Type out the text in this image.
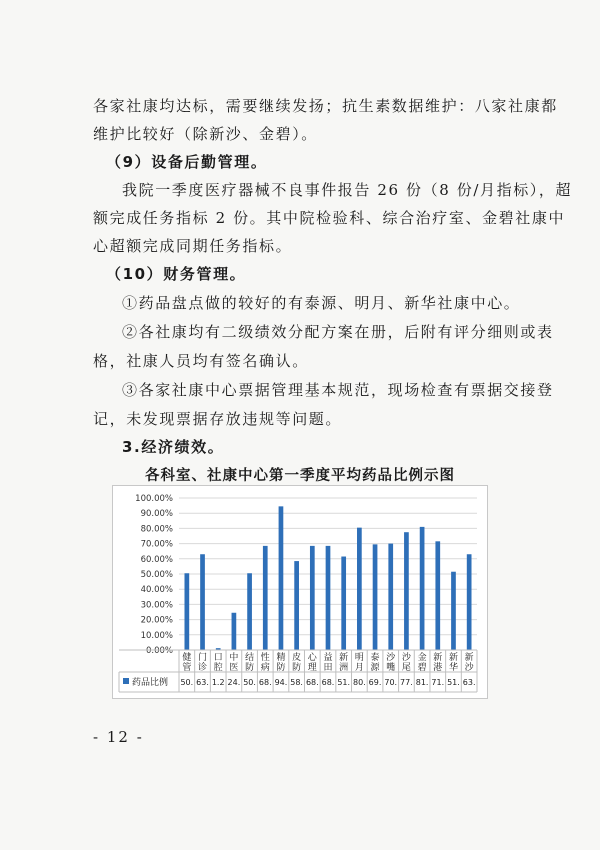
各家社康均达标，需要继续发扬；抗生素数据维护：八家社康都
维护比较好（除新沙、金碧）。
（9）设备后勤管理。
我院一季度医疗器械不良事件报告 26 份（8 份/月指标），超
额完成任务指标 2 份。其中院检验科、综合治疗室、金碧社康中
心超额完成同期任务指标。
（10）财务管理。
①药品盘点做的较好的有泰源、明月、新华社康中心。
②各社康均有二级绩效分配方案在册，后附有评分细则或表
格，社康人员均有签名确认。
③各家社康中心票据管理基本规范，现场检查有票据交接登
记，未发现票据存放违规等问题。
3.经济绩效。
各科室、社康中心第一季度平均药品比例示图
0.00%
10.00%
20.00%
30.00%
40.00%
50.00%
60.00%
70.00%
80.00%
90.00%
100.00%
健
管
门
诊
口
腔
中
医
结
防
性
病
精
防
皮
防
心
理
益
田
新
洲
明
月
泰
源
沙
嘴
沙
尾
金
碧
新
港
新
华
新
沙
药品比例 50. 63. 1.2 24. 50. 68. 94. 58. 68. 68. 51. 80. 69. 70. 77. 81. 71. 51. 63.
- 12 -
